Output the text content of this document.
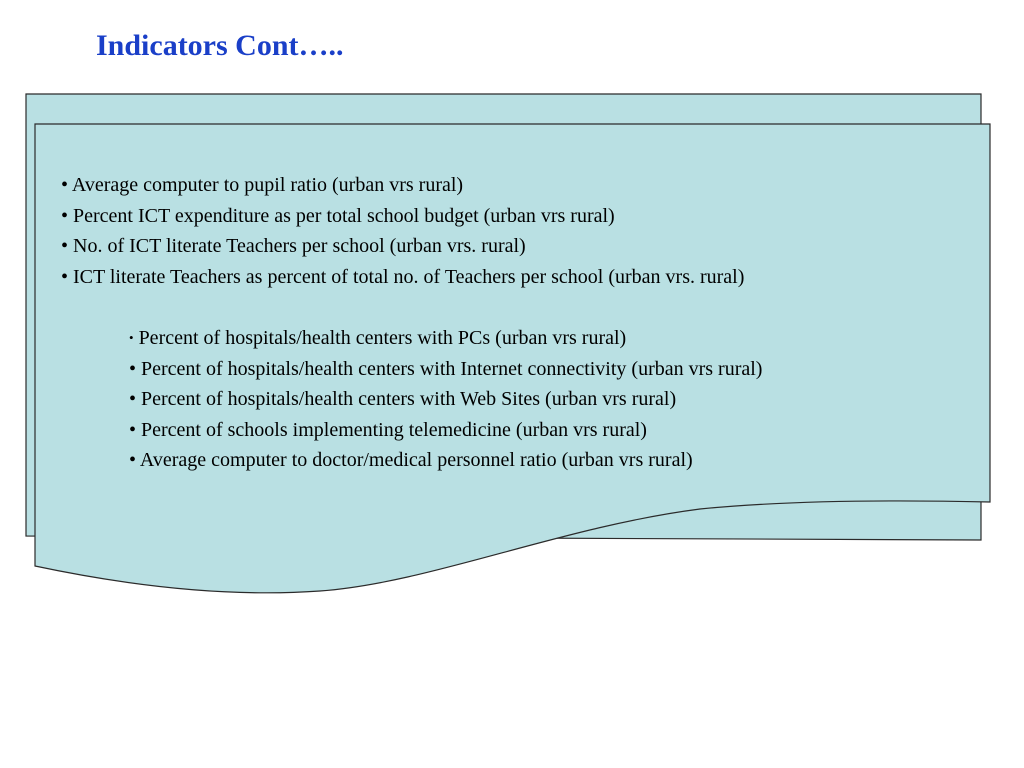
Indicators Cont…..
• Average computer to pupil ratio (urban vrs rural)
• Percent ICT expenditure as per total school budget (urban vrs rural)
• No. of ICT literate Teachers per school (urban vrs. rural)
• ICT literate Teachers as percent of total no. of Teachers per school (urban vrs. rural)
• Percent of hospitals/health centers with PCs (urban vrs rural)
• Percent of hospitals/health centers with Internet connectivity (urban vrs rural)
• Percent of hospitals/health centers with Web Sites (urban vrs rural)
• Percent of schools implementing telemedicine (urban vrs rural)
• Average computer to doctor/medical personnel ratio (urban vrs rural)
